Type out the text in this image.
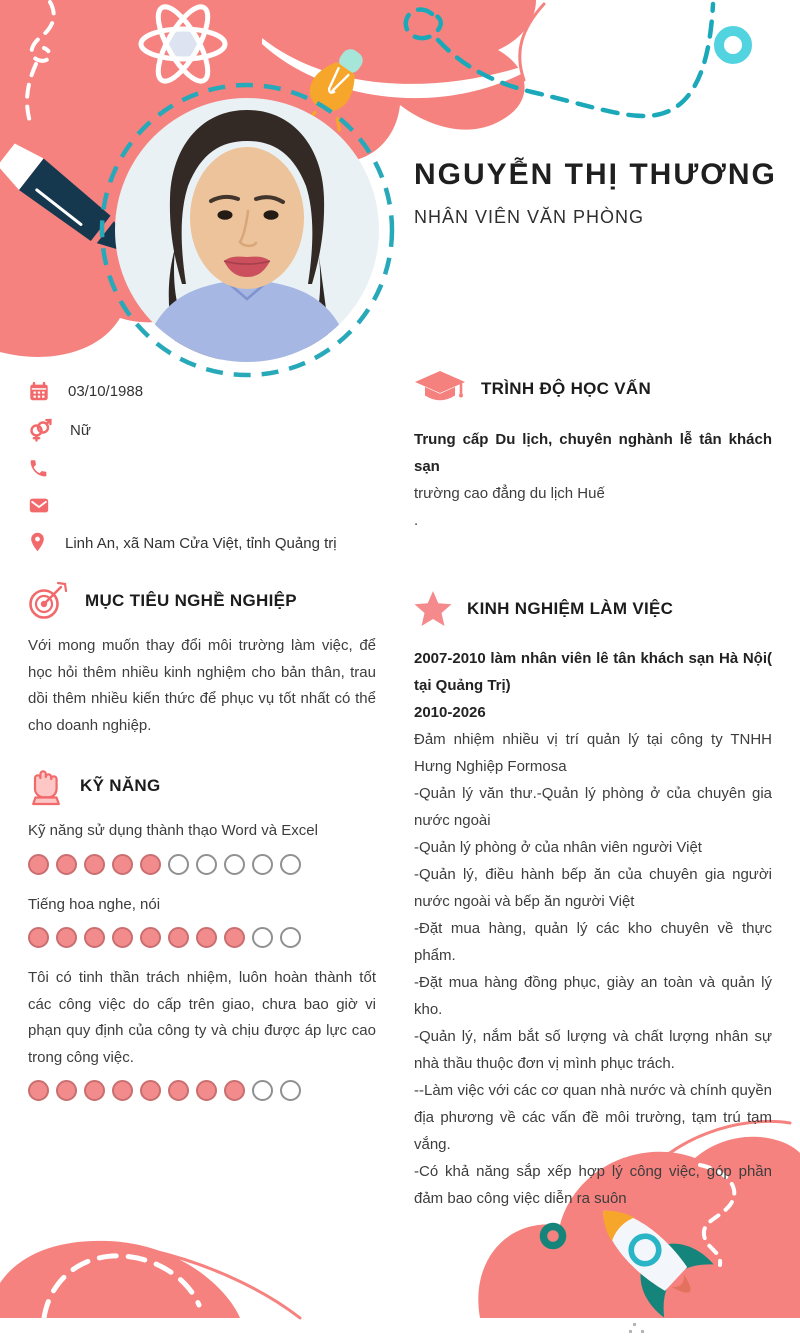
NGUYỄN THỊ THƯƠNG
NHÂN VIÊN VĂN PHÒNG
03/10/1988
Nữ
Linh An, xã Nam Cửa Việt, tỉnh Quảng trị
MỤC TIÊU NGHỀ NGHIỆP

Với mong muốn thay đổi môi trường làm việc, để học hỏi thêm nhiều kinh nghiệm cho bản thân, trau dồi thêm nhiều kiến thức để phục vụ tốt nhất có thể cho doanh nghiệp.

KỸ NĂNG
Kỹ năng sử dụng thành thạo Word và Excel
Tiếng hoa nghe, nói
Tôi có tinh thần trách nhiệm, luôn hoàn thành tốt các công việc do cấp trên giao, chưa bao giờ vi phạn quy định của công ty và chịu được áp lực cao trong công việc.
TRÌNH ĐỘ HỌC VẤN
Trung cấp Du lịch, chuyên nghành lễ tân khách sạn
trường cao đẳng du lịch Huế
.
KINH NGHIỆM LÀM VIỆC
2007-2010 làm nhân viên lê tân khách sạn Hà Nội( tại Quảng Trị)
2010-2026
Đảm nhiệm nhiều vị trí quản lý tại công ty TNHH Hưng Nghiệp Formosa
-Quản lý văn thư.-Quản lý phòng ở của chuyên gia nước ngoài
-Quản lý phòng ở của nhân viên người Việt
-Quản lý, điều hành bếp ăn của chuyên gia người nước ngoài và bếp ăn người Việt
-Đặt mua hàng, quản lý các kho chuyên về thực phẩm.
-Đặt mua hàng đồng phục, giày an toàn và quản lý kho.
-Quản lý, nắm bắt số lượng và chất lượng nhân sự nhà thầu thuộc đơn vị mình phục trách.
--Làm việc với các cơ quan nhà nước và chính quyền địa phương về các vấn đề môi trường, tạm trú tạm vắng.
-Có khả năng sắp xếp hợp lý công việc, góp phần đảm bao công việc diễn ra suôn
